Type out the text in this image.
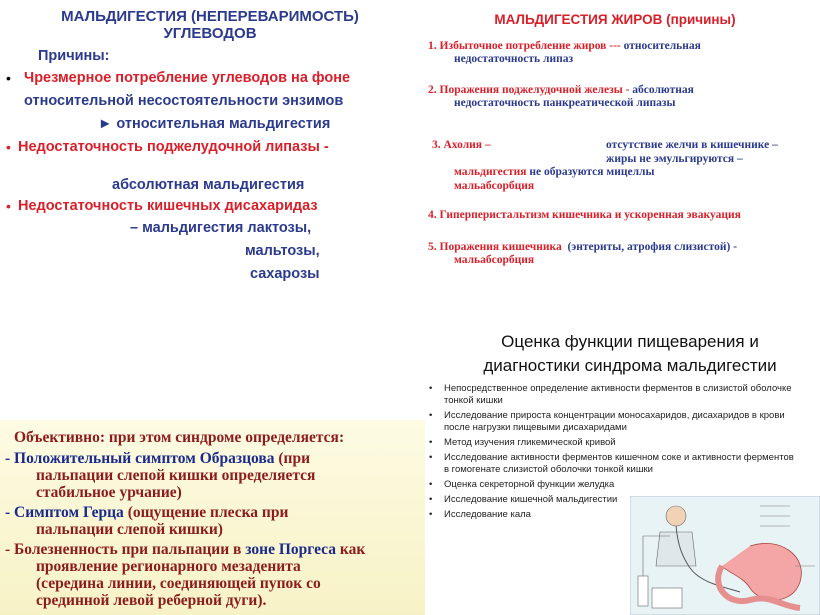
МАЛЬДИГЕСТИЯ (НЕПЕРЕВАРИМОСТЬ)
УГЛЕВОДОВ
Причины:
• Чрезмерное потребление углеводов на фоне
относительной несостоятельности энзимов
► относительная мальдигестия
• Недостаточность поджелудочной липазы -
абсолютная мальдигестия
• Недостаточность кишечных дисахаридаз
– мальдигестия лактозы,
мальтозы,
сахарозы
МАЛЬДИГЕСТИЯ ЖИРОВ (причины)
1. Избыточное потребление жиров --- относительная
недостаточность липаз
2. Поражения поджелудочной железы - абсолютная
недостаточность панкреатической липазы
3. Ахолия –	отсутствие желчи в кишечнике –
жиры не эмульгируются –
мальдигестия не образуются мицеллы
мальабсорбция
4. Гиперперистальтизм кишечника и ускоренная эвакуация
5. Поражения кишечника (энтериты, атрофия слизистой) -
мальабсорбция
Объективно: при этом синдроме определяется:
- Положительный симптом Образцова (при
пальпации слепой кишки определяется
стабильное урчание)
- Симптом Герца (ощущение плеска при
пальпации слепой кишки)
- Болезненность при пальпации в зоне Поргеса как
проявление регионарного мезаденита
(середина линии, соединяющей пупок со
срединной левой реберной дуги).
Оценка функции пищеварения и
диагностики синдрома мальдигестии
• Непосредственное определение активности ферментов в слизистой оболочке тонкой кишки
• Исследование прироста концентрации моносахаридов, дисахаридов в крови после нагрузки пищевыми дисахаридами
• Метод изучения гликемической кривой
• Исследование активности ферментов кишечном соке и активности ферментов в гомогенате слизистой оболочки тонкой кишки
• Оценка секреторной функции желудка
• Исследование кишечной мальдигестии
• Исследование кала
